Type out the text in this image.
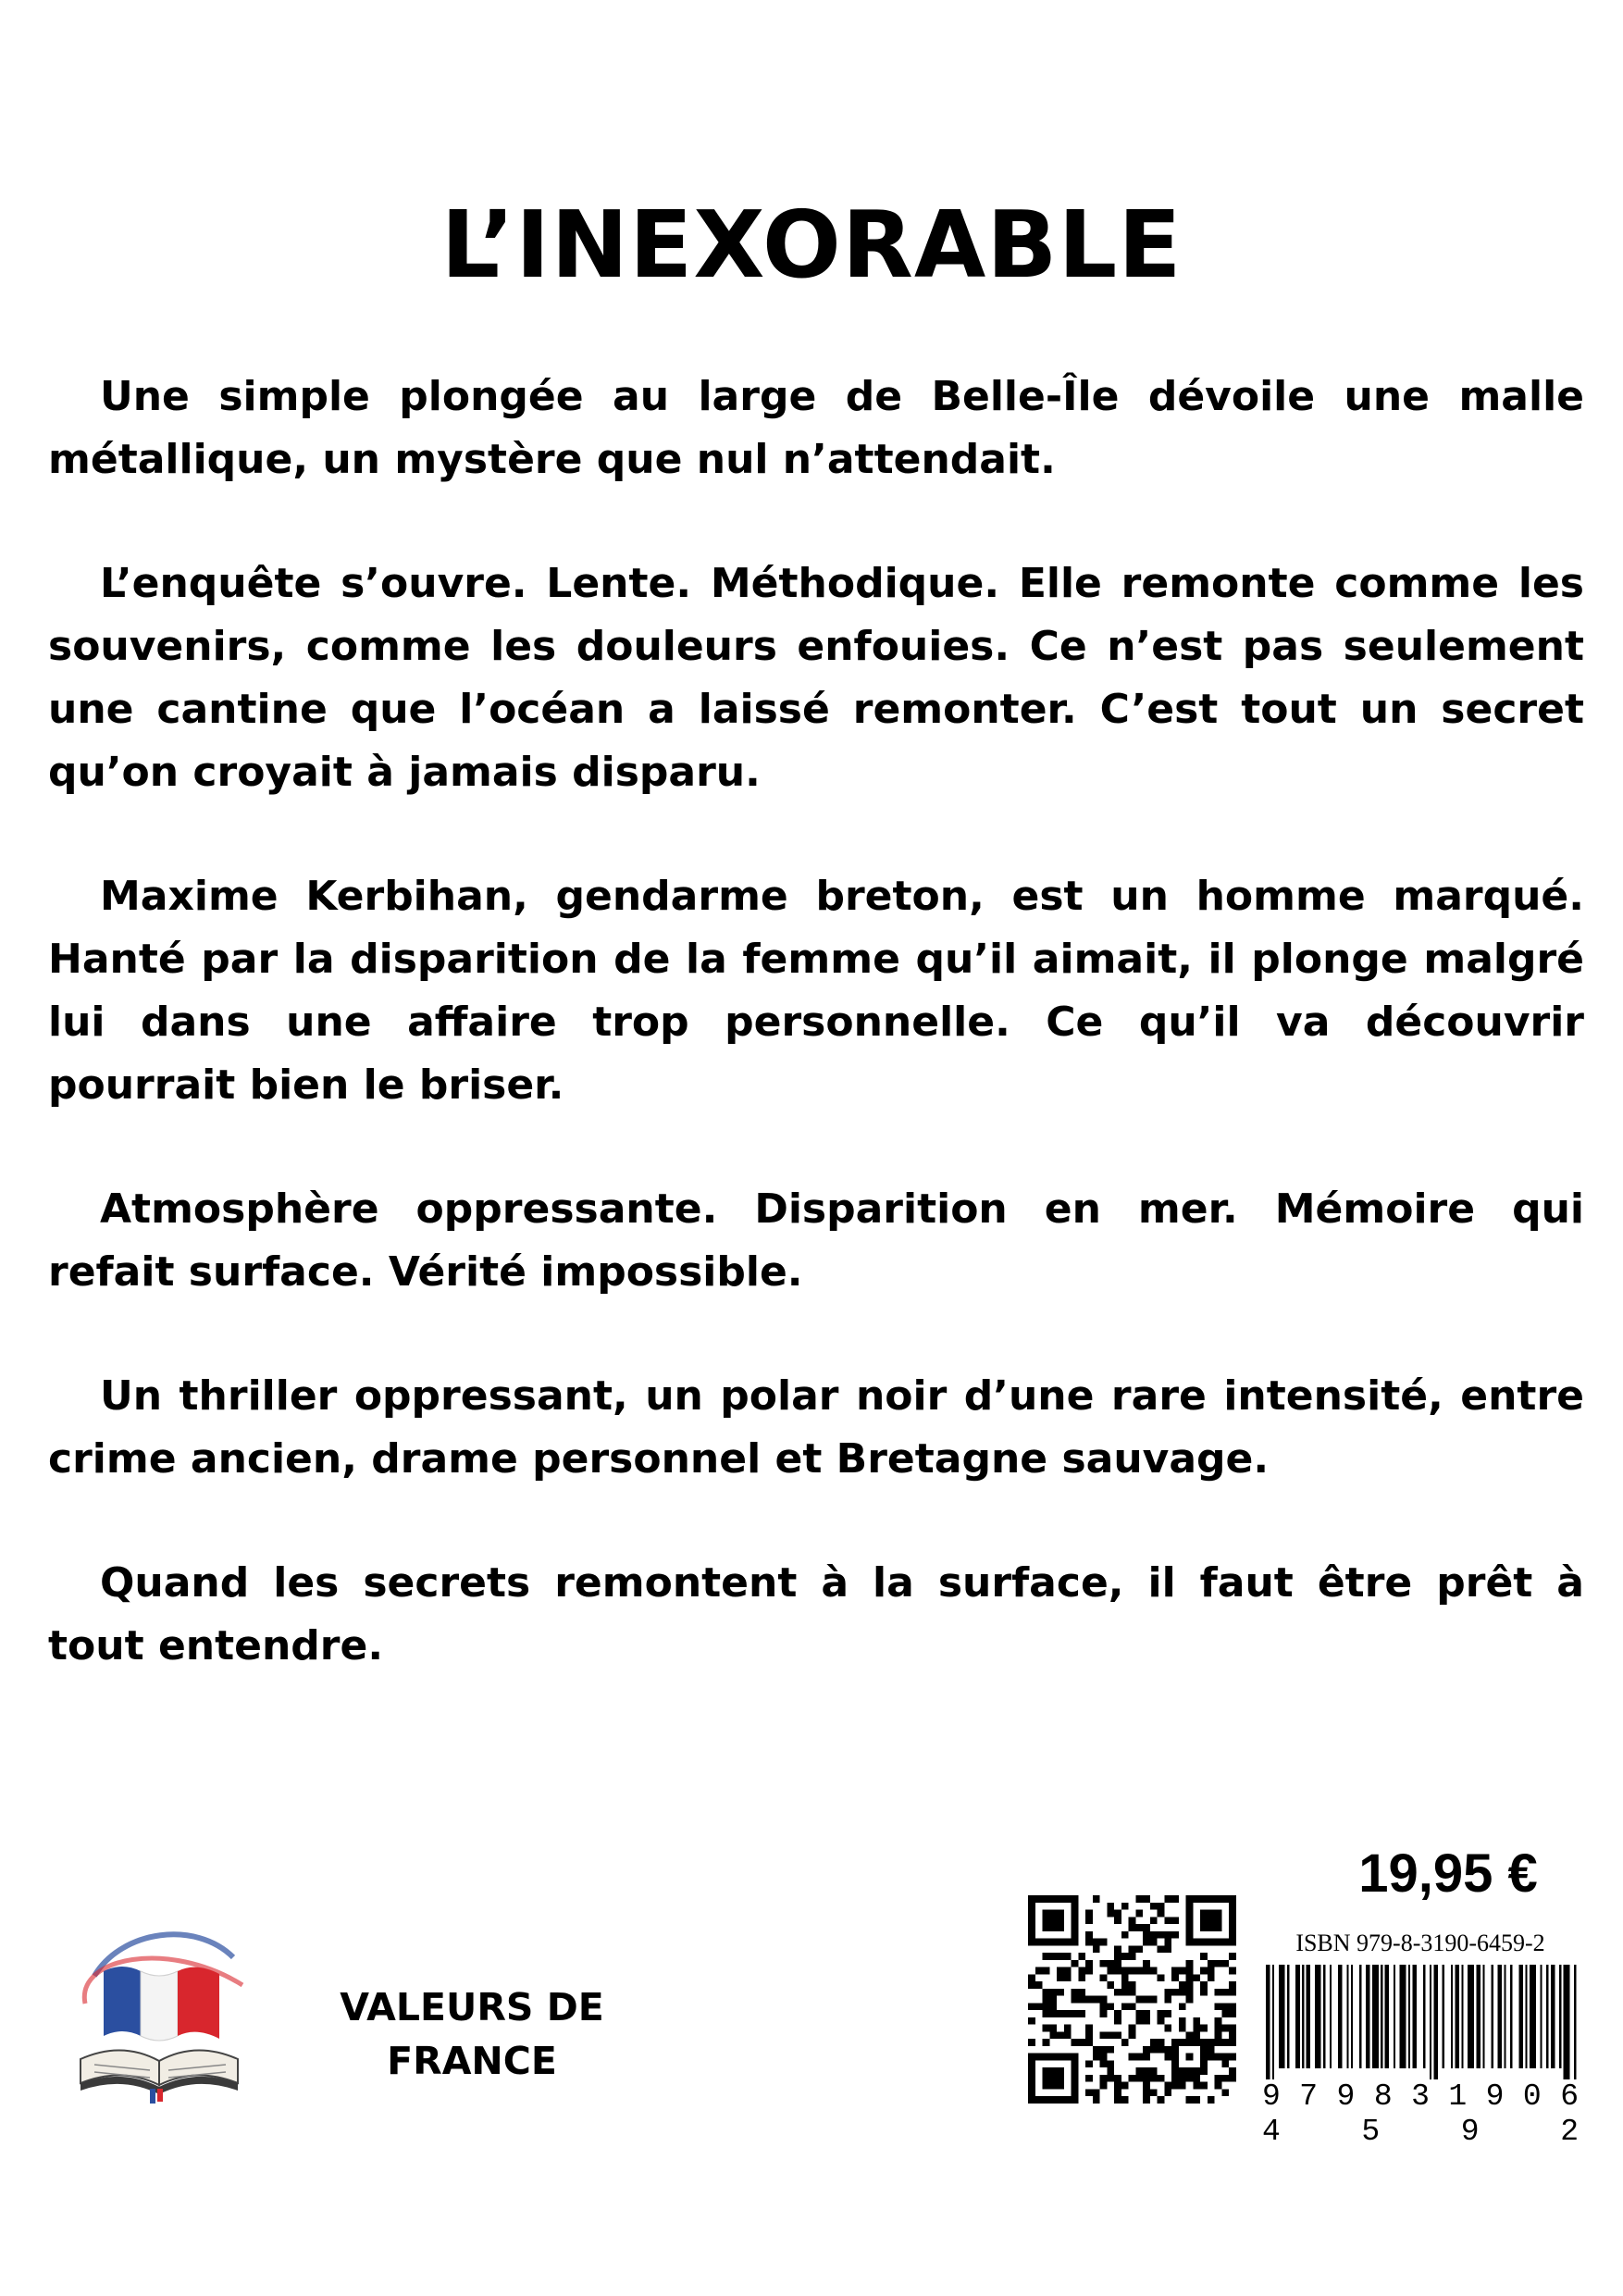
L’INEXORABLE

Une simple plongée au large de Belle-Île dévoile une malle métallique, un mystère que nul n’attendait.

L’enquête s’ouvre. Lente. Méthodique. Elle remonte comme les souvenirs, comme les douleurs enfouies. Ce n’est pas seulement une cantine que l’océan a laissé remonter. C’est tout un secret qu’on croyait à jamais disparu.

Maxime Kerbihan, gendarme breton, est un homme marqué. Hanté par la disparition de la femme qu’il aimait, il plonge malgré lui dans une affaire trop personnelle. Ce qu’il va découvrir pourrait bien le briser.

Atmosphère oppressante. Disparition en mer. Mémoire qui refait surface. Vérité impossible.

Un thriller oppressant, un polar noir d’une rare intensité, entre crime ancien, drame personnel et Bretagne sauvage.

Quand les secrets remontent à la surface, il faut être prêt à tout entendre.

19,95 €
VALEURS DE
FRANCE
ISBN 979-8-3190-6459-2
9 7 9 8 3 1 9 0 6 4 5 9 2
